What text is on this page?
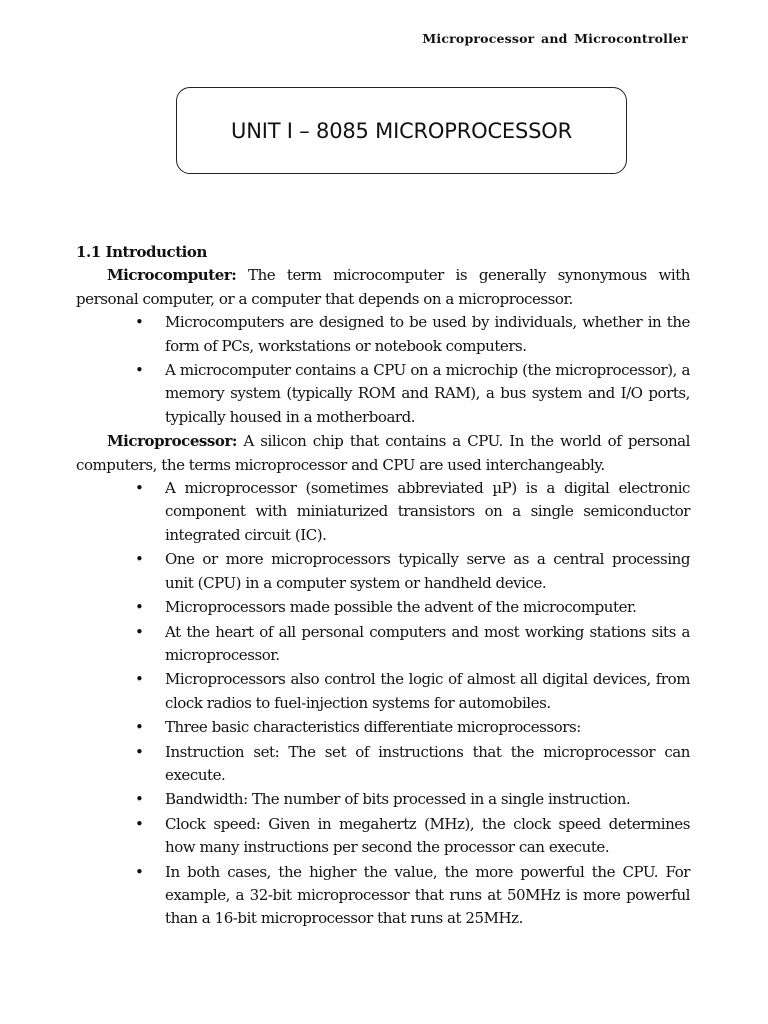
Microprocessor and Microcontroller
UNIT I – 8085 MICROPROCESSOR

1.1 Introduction

Microcomputer: The term microcomputer is generally synonymous with personal computer, or a computer that depends on a microprocessor.

• Microcomputers are designed to be used by individuals, whether in the form of PCs, workstations or notebook computers.
• A microcomputer contains a CPU on a microchip (the microprocessor), a memory system (typically ROM and RAM), a bus system and I/O ports, typically housed in a motherboard.

Microprocessor: A silicon chip that contains a CPU. In the world of personal computers, the terms microprocessor and CPU are used interchangeably.

• A microprocessor (sometimes abbreviated µP) is a digital electronic component with miniaturized transistors on a single semiconductor integrated circuit (IC).
• One or more microprocessors typically serve as a central processing unit (CPU) in a computer system or handheld device.
• Microprocessors made possible the advent of the microcomputer.
• At the heart of all personal computers and most working stations sits a microprocessor.
• Microprocessors also control the logic of almost all digital devices, from clock radios to fuel-injection systems for automobiles.
• Three basic characteristics differentiate microprocessors:
• Instruction set: The set of instructions that the microprocessor can execute.
• Bandwidth: The number of bits processed in a single instruction.
• Clock speed: Given in megahertz (MHz), the clock speed determines how many instructions per second the processor can execute.
• In both cases, the higher the value, the more powerful the CPU. For example, a 32-bit microprocessor that runs at 50MHz is more powerful than a 16-bit microprocessor that runs at 25MHz.
